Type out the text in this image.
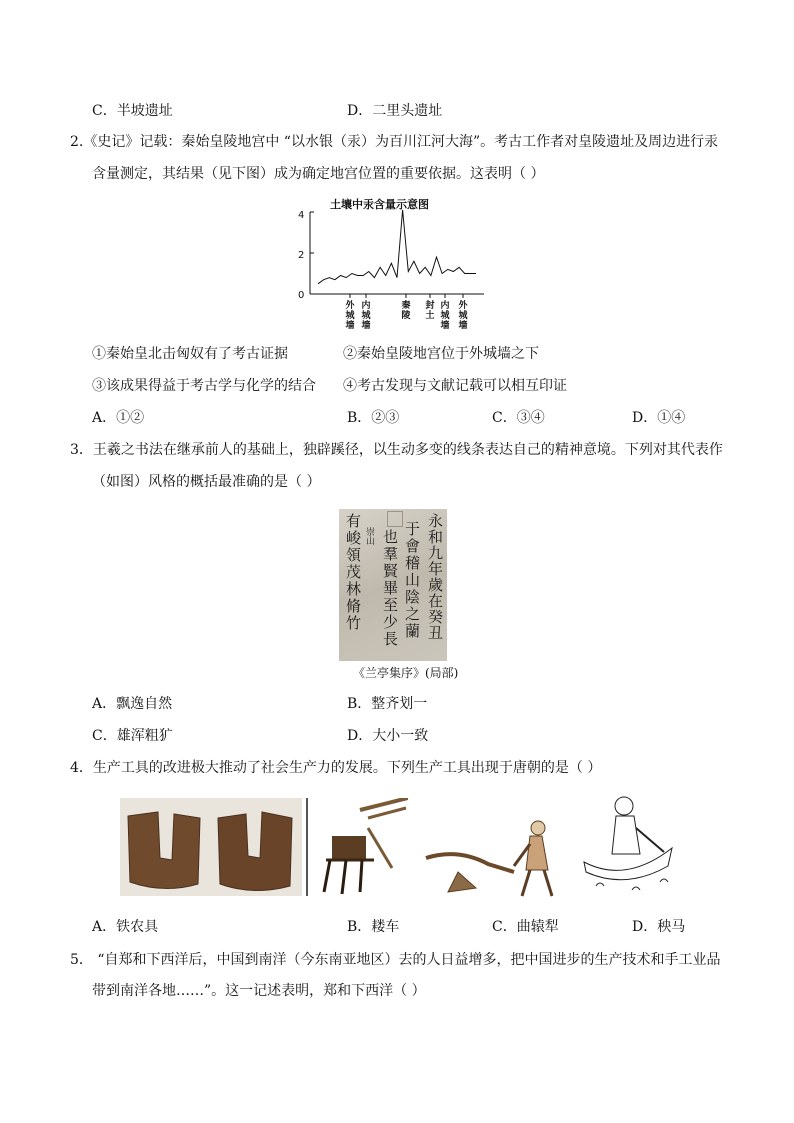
C．半坡遗址	D．二里头遗址
2.《史记》记载：秦始皇陵地宫中 “以水银（汞）为百川江河大海”。考古工作者对皇陵遗址及周边进行汞
含量测定，其结果（见下图）成为确定地宫位置的重要依据。这表明（ ）
土壤中汞含量示意图
4
2
0
外城墙
内城墙
秦陵
封土
内城墙
外城墙
①秦始皇北击匈奴有了考古证据	②秦始皇陵地宫位于外城墙之下
③该成果得益于考古学与化学的结合 ④考古发现与文献记载可以相互印证
A．①②	B．②③	C．③④	D．①④
3．王羲之书法在继承前人的基础上，独辟蹊径，以生动多变的线条表达自己的精神意境。下列对其代表作
（如图）风格的概括最准确的是（ ）
永和九年歲在癸丑
于會稽山陰之蘭
也羣賢畢至少長
崇山
有峻領茂林脩竹
《兰亭集序》(局部)
A．飘逸自然	B．整齐划一
C．雄浑粗犷	D．大小一致
4．生产工具的改进极大推动了社会生产力的发展。下列生产工具出现于唐朝的是（ ）
A．铁农具	B．耧车	C．曲辕犁	D．秧马
5． “自郑和下西洋后，中国到南洋（今东南亚地区）去的人日益增多，把中国进步的生产技术和手工业品
带到南洋各地……”。这一记述表明，郑和下西洋（ ）
